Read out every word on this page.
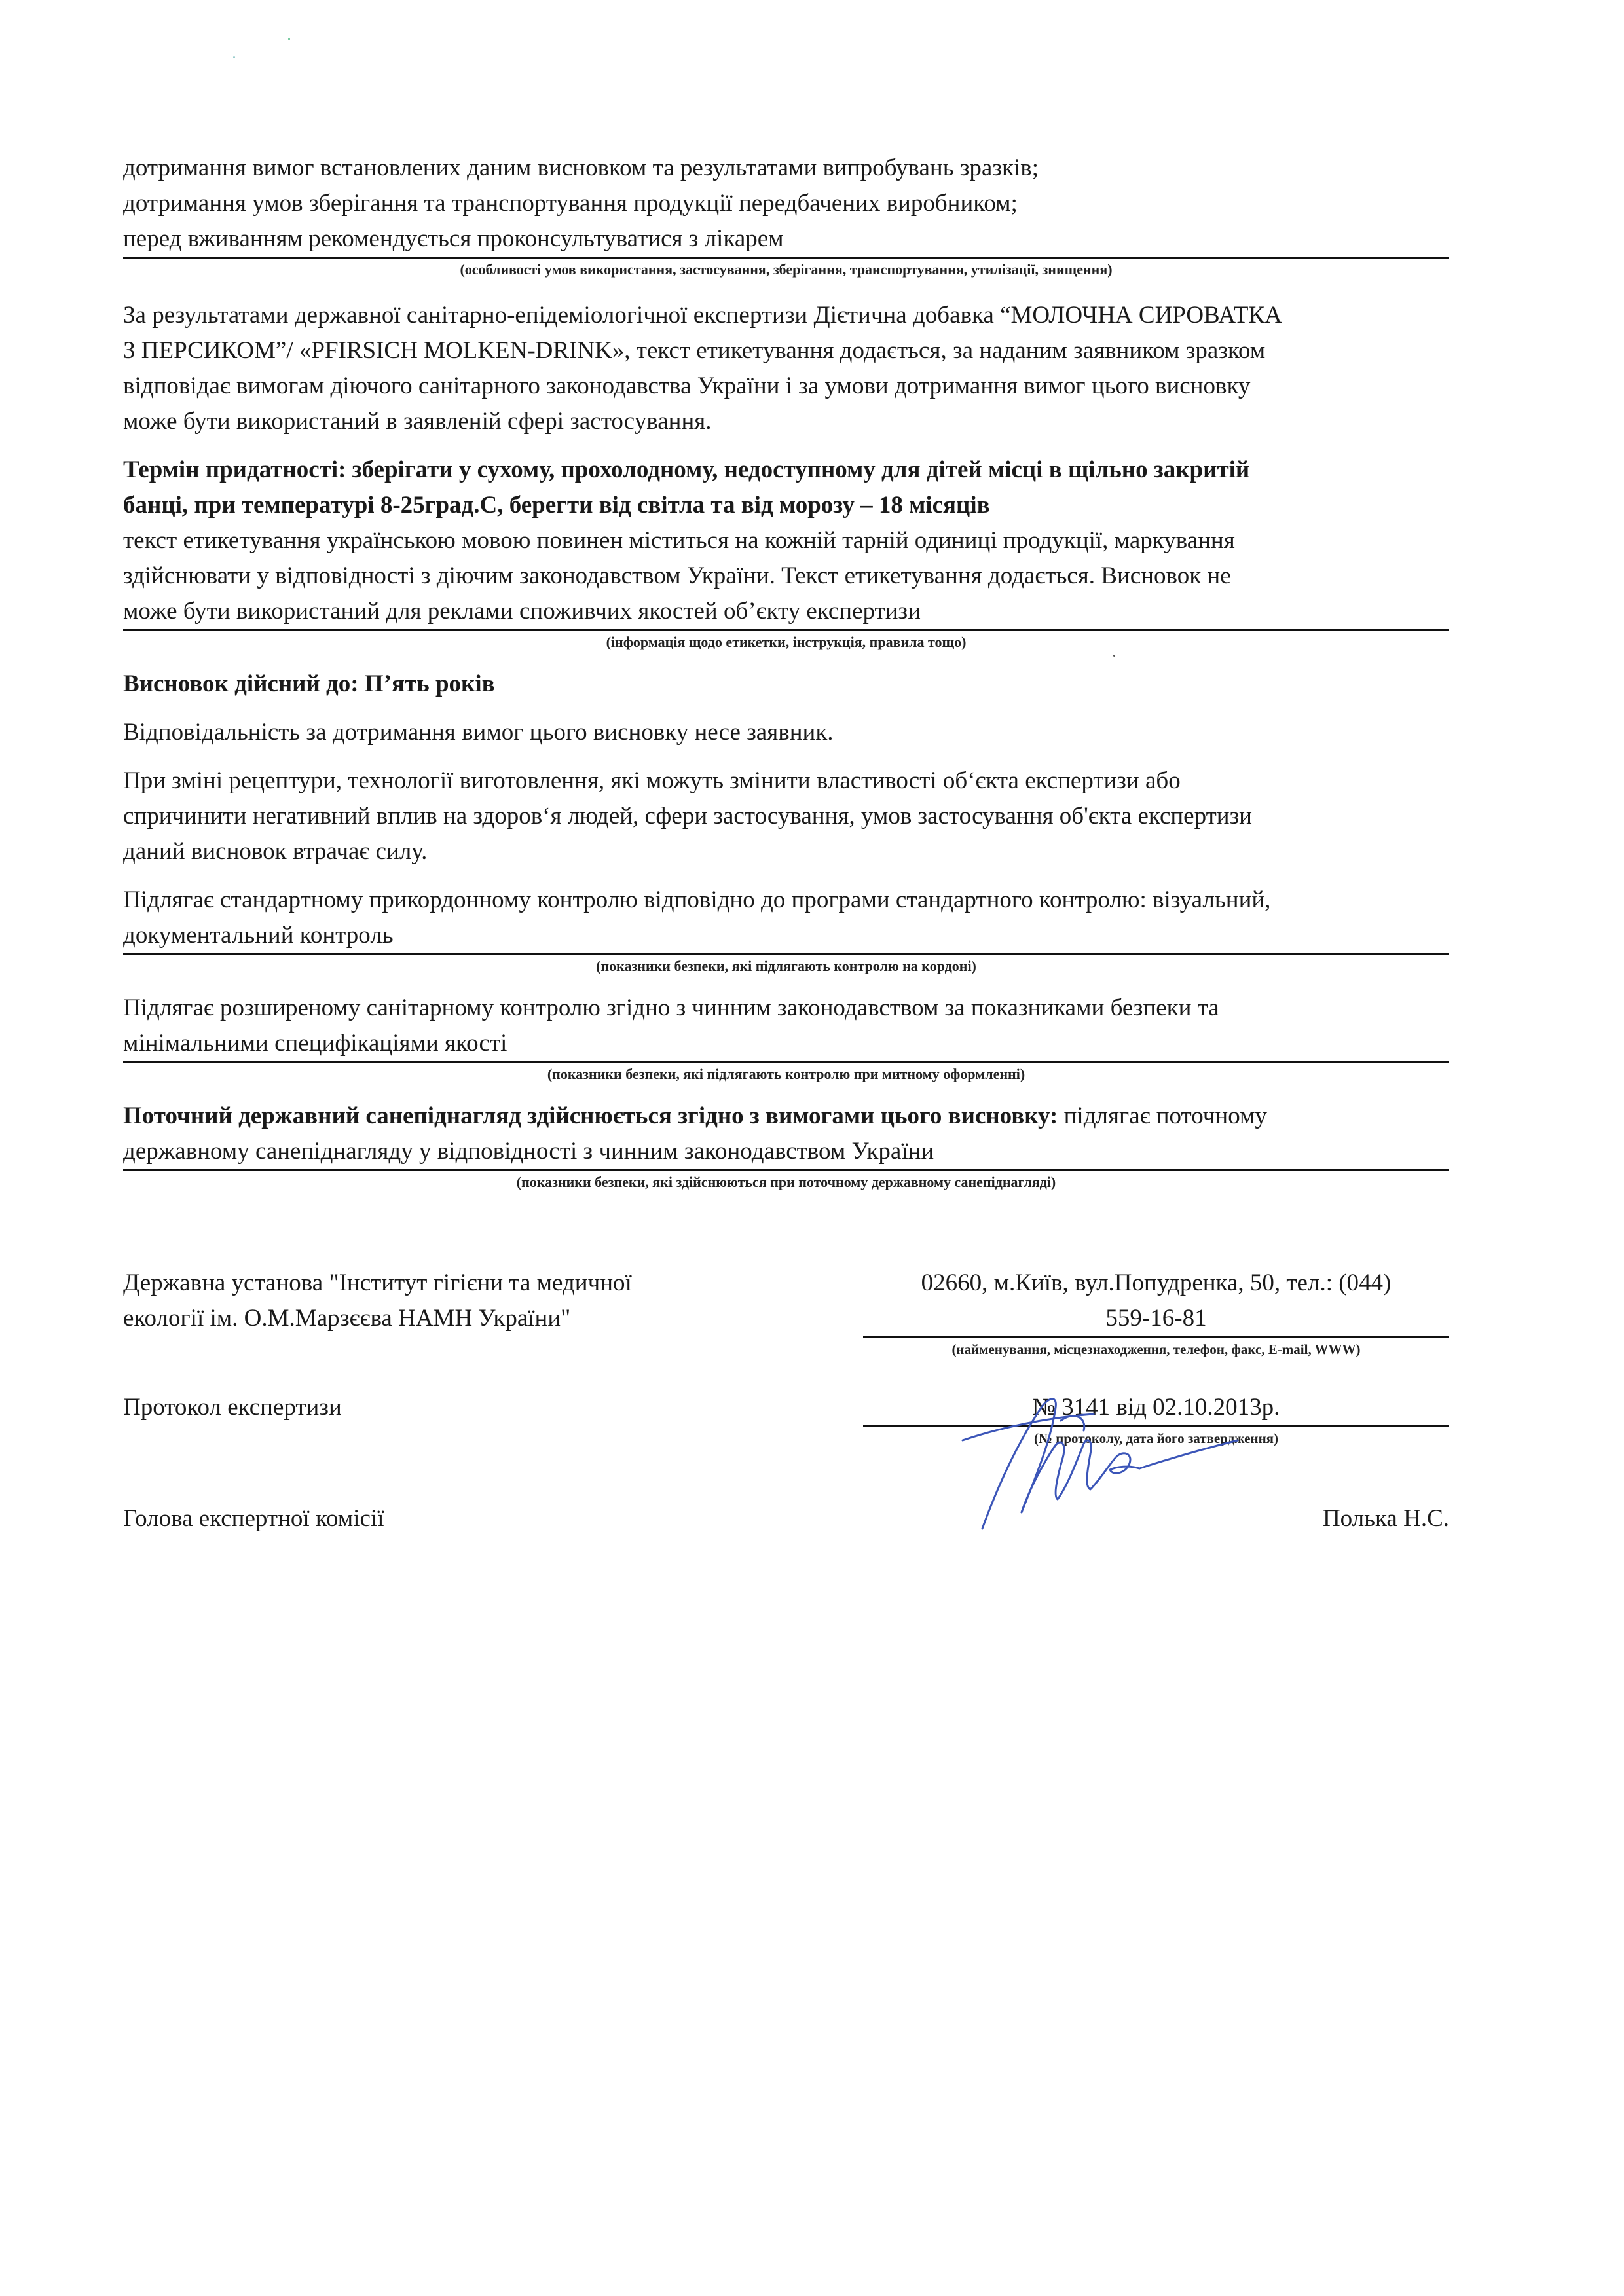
дотримання вимог встановлених даним висновком та результатами випробувань зразків;
дотримання умов зберігання та транспортування продукції передбачених виробником;
перед вживанням рекомендується проконсультуватися з лікарем
(особливості умов використання, застосування, зберігання, транспортування, утилізації, знищення)
За результатами державної санітарно-епідеміологічної експертизи Дієтична добавка “МОЛОЧНА СИРОВАТКА
З ПЕРСИКОМ”/ «PFIRSICH MOLKEN-DRINK», текст етикетування додається, за наданим заявником зразком
відповідає вимогам діючого санітарного законодавства України і за умови дотримання вимог цього висновку
може бути використаний в заявленій сфері застосування.
Термін придатності: зберігати у сухому, прохолодному, недоступному для дітей місці в щільно закритій
банці, при температурі 8-25град.С, берегти від світла та від морозу – 18 місяців
текст етикетування українською мовою повинен міститься на кожній тарній одиниці продукції, маркування
здійснювати у відповідності з діючим законодавством України. Текст етикетування додається. Висновок не
може бути використаний для реклами споживчих якостей об’єкту експертизи
(інформація щодо етикетки, інструкція, правила тощо)
Висновок дійсний до: П’ять років
Відповідальність за дотримання вимог цього висновку несе заявник.
При зміні рецептури, технології виготовлення, які можуть змінити властивості об‘єкта експертизи або
спричинити негативний вплив на здоров‘я людей, сфери застосування, умов застосування об'єкта експертизи
даний висновок втрачає силу.
Підлягає стандартному прикордонному контролю відповідно до програми стандартного контролю: візуальний,
документальний контроль
(показники безпеки, які підлягають контролю на кордоні)
Підлягає розширеному санітарному контролю згідно з чинним законодавством за показниками безпеки та
мінімальними специфікаціями якості
(показники безпеки, які підлягають контролю при митному оформленні)
Поточний державний санепіднагляд здійснюється згідно з вимогами цього висновку: підлягає поточному
державному санепіднагляду у відповідності з чинним законодавством України
(показники безпеки, які здійснюються при поточному державному санепіднагляді)
Державна установа "Інститут гігієни та медичної
екології ім. О.М.Марзєєва НАМН України"
02660, м.Київ, вул.Попудренка, 50, тел.: (044)
559-16-81
(найменування, місцезнаходження, телефон, факс, E-mail, WWW)
Протокол експертизи	№ 3141 від 02.10.2013р.
(№ протоколу, дата його затвердження)
Голова експертної комісії	Полька Н.С.
